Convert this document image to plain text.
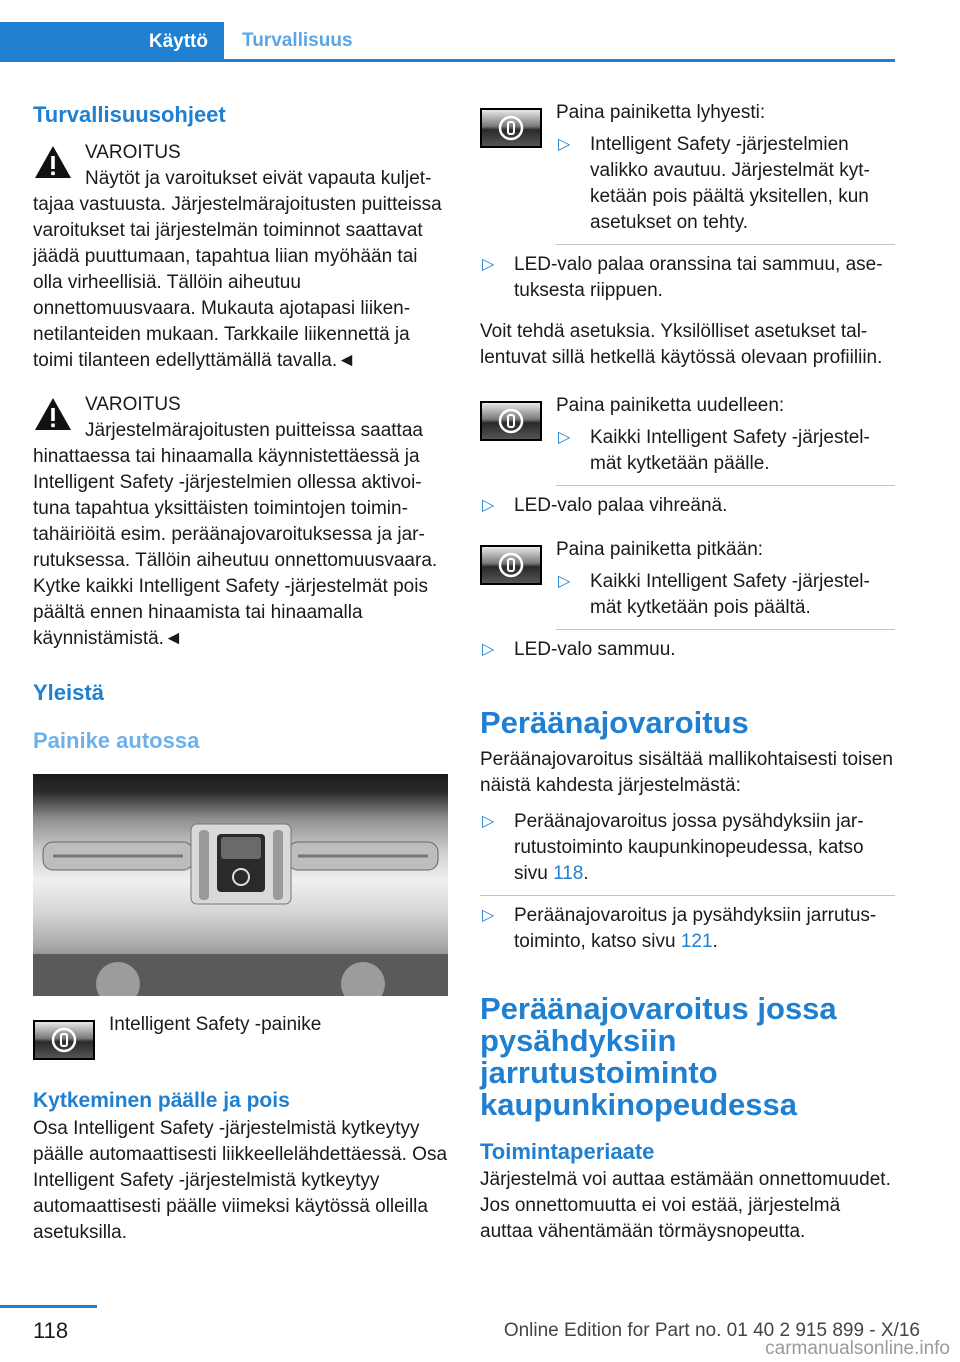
Käyttö	Turvallisuus
Turvallisuusohjeet

VAROITUS

Näytöt ja varoitukset eivät vapauta kuljet-

tajaa vastuusta. Järjestelmärajoitusten puitteissa varoitukset tai järjestelmän toiminnot saattavat jäädä puuttumaan, tapahtua liian myöhään tai olla virheellisiä. Tällöin aiheutuu onnettomuusvaara. Mukauta ajotapasi liikennetilanteiden mukaan. Tarkkaile liikennettä ja toimi tilanteen edellyttämällä tavalla.◄

VAROITUS

Järjestelmärajoitusten puitteissa saattaa

hinattaessa tai hinaamalla käynnistettäessä ja Intelligent Safety -järjestelmien ollessa aktivoituna tapahtua yksittäisten toimintojen toimintahäiriöitä esim. peräänajovaroituksessa ja jarrutuksessa. Tällöin aiheutuu onnettomuusvaara. Kytke kaikki Intelligent Safety -järjestelmät pois päältä ennen hinaamista tai hinaamalla käynnistämistä.◄

Yleistä
Painike autossa

Intelligent Safety -painike

Kytkeminen päälle ja pois

Osa Intelligent Safety -järjestelmistä kytkeytyy päälle automaattisesti liikkeellelähdettäessä. Osa Intelligent Safety -järjestelmistä kytkeytyy automaattisesti päälle viimeksi käytössä olleilla asetuksilla.

Paina painiketta lyhyesti:

▷ Intelligent Safety -järjestelmien valikko avautuu. Järjestelmät kytketään pois päältä yksitellen, kun asetukset on tehty.
▷ LED-valo palaa oranssina tai sammuu, asetuksesta riippuen.

Voit tehdä asetuksia. Yksilölliset asetukset tallentuvat sillä hetkellä käytössä olevaan profiiliin.

Paina painiketta uudelleen:

▷ Kaikki Intelligent Safety -järjestelmät kytketään päälle.
▷ LED-valo palaa vihreänä.

Paina painiketta pitkään:

▷ Kaikki Intelligent Safety -järjestelmät kytketään pois päältä.
▷ LED-valo sammuu.
Peräänajovaroitus

Peräänajovaroitus sisältää mallikohtaisesti toisen näistä kahdesta järjestelmästä:

▷ Peräänajovaroitus jossa pysähdyksiin jarrutustoiminto kaupunkinopeudessa, katso sivu 118.
▷ Peräänajovaroitus ja pysähdyksiin jarrutustoiminto, katso sivu 121.
Peräänajovaroitus jossa pysähdyksiin jarrutustoiminto kaupunkinopeudessa
Toimintaperiaate

Järjestelmä voi auttaa estämään onnettomuudet. Jos onnettomuutta ei voi estää, järjestelmä auttaa vähentämään törmäysnopeutta.

118	Online Edition for Part no. 01 40 2 915 899 - X/16
carmanualsonline.info
